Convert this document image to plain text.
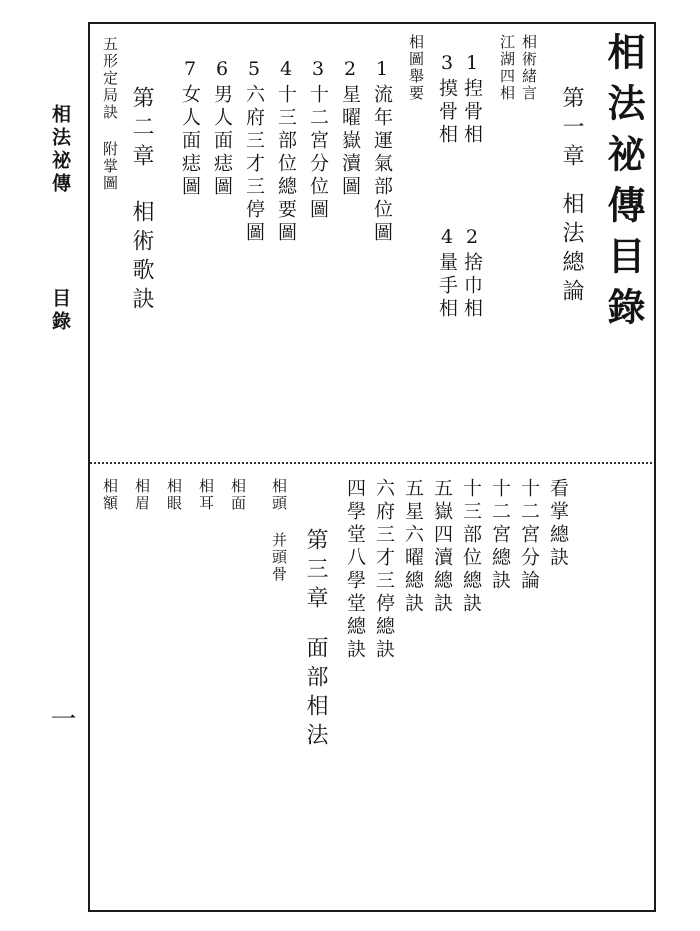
相法祕傳
目錄
一
相法祕傳目錄
第一章
相法總論
相術緒言
江湖四相
1揑骨相
2捨巾相
3摸骨相
4量手相
相圖舉要
1流年運氣部位圖
2星曜嶽瀆圖
3十二宮分位圖
4十三部位總要圖
5六府三才三停圖
6男人面痣圖
7女人面痣圖
五形定局訣 附掌圖 第二章
相術歌訣
看掌總訣
十二宮分論
十二宮總訣
十三部位總訣
五嶽四瀆總訣
五星六曜總訣
六府三才三停總訣
四學堂八學堂總訣
第三章
面部相法
相頭 并頭骨
相面
相耳
相眼
相眉
相額
